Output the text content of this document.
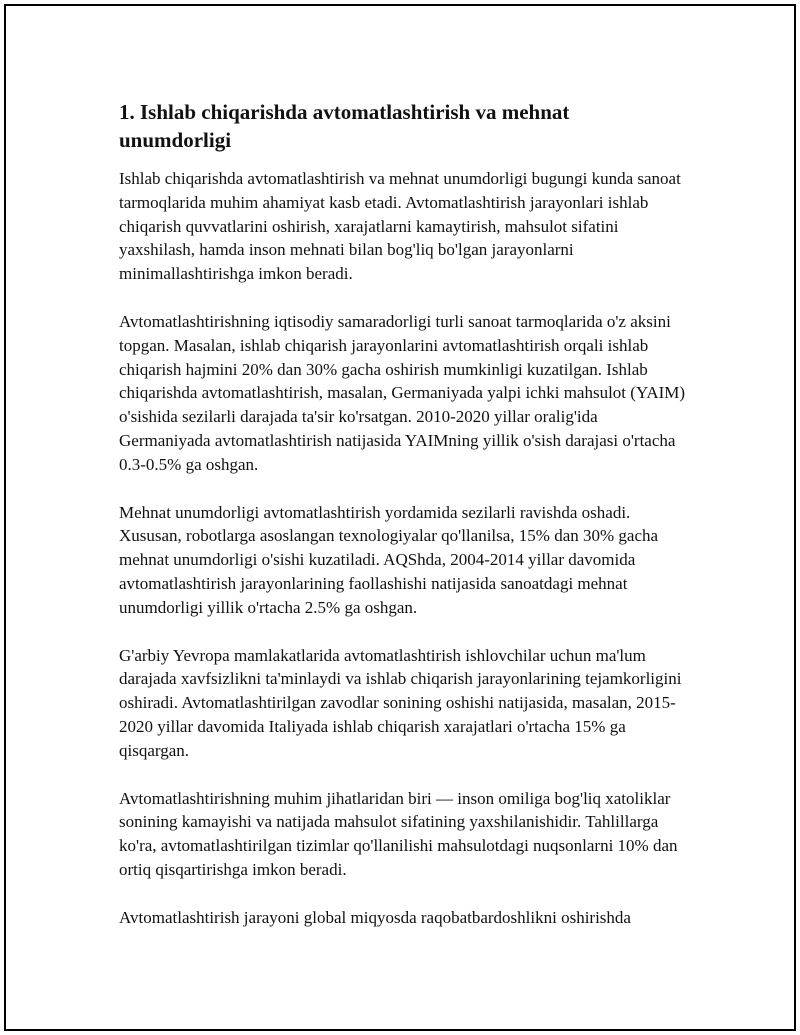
1. Ishlab chiqarishda avtomatlashtirish va mehnat unumdorligi

Ishlab chiqarishda avtomatlashtirish va mehnat unumdorligi bugungi kunda sanoat tarmoqlarida muhim ahamiyat kasb etadi. Avtomatlashtirish jarayonlari ishlab chiqarish quvvatlarini oshirish, xarajatlarni kamaytirish, mahsulot sifatini yaxshilash, hamda inson mehnati bilan bog'liq bo'lgan jarayonlarni minimallashtirishga imkon beradi.

Avtomatlashtirishning iqtisodiy samaradorligi turli sanoat tarmoqlarida o'z aksini topgan. Masalan, ishlab chiqarish jarayonlarini avtomatlashtirish orqali ishlab chiqarish hajmini 20% dan 30% gacha oshirish mumkinligi kuzatilgan. Ishlab chiqarishda avtomatlashtirish, masalan, Germaniyada yalpi ichki mahsulot (YAIM) o'sishida sezilarli darajada ta'sir ko'rsatgan. 2010-2020 yillar oralig'ida Germaniyada avtomatlashtirish natijasida YAIMning yillik o'sish darajasi o'rtacha 0.3-0.5% ga oshgan.

Mehnat unumdorligi avtomatlashtirish yordamida sezilarli ravishda oshadi. Xususan, robotlarga asoslangan texnologiyalar qo'llanilsa, 15% dan 30% gacha mehnat unumdorligi o'sishi kuzatiladi. AQShda, 2004-2014 yillar davomida avtomatlashtirish jarayonlarining faollashishi natijasida sanoatdagi mehnat unumdorligi yillik o'rtacha 2.5% ga oshgan.

G'arbiy Yevropa mamlakatlarida avtomatlashtirish ishlovchilar uchun ma'lum darajada xavfsizlikni ta'minlaydi va ishlab chiqarish jarayonlarining tejamkorligini oshiradi. Avtomatlashtirilgan zavodlar sonining oshishi natijasida, masalan, 2015-2020 yillar davomida Italiyada ishlab chiqarish xarajatlari o'rtacha 15% ga qisqargan.

Avtomatlashtirishning muhim jihatlaridan biri — inson omiliga bog'liq xatoliklar sonining kamayishi va natijada mahsulot sifatining yaxshilanishidir. Tahlillarga ko'ra, avtomatlashtirilgan tizimlar qo'llanilishi mahsulotdagi nuqsonlarni 10% dan ortiq qisqartirishga imkon beradi.

Avtomatlashtirish jarayoni global miqyosda raqobatbardoshlikni oshirishda
